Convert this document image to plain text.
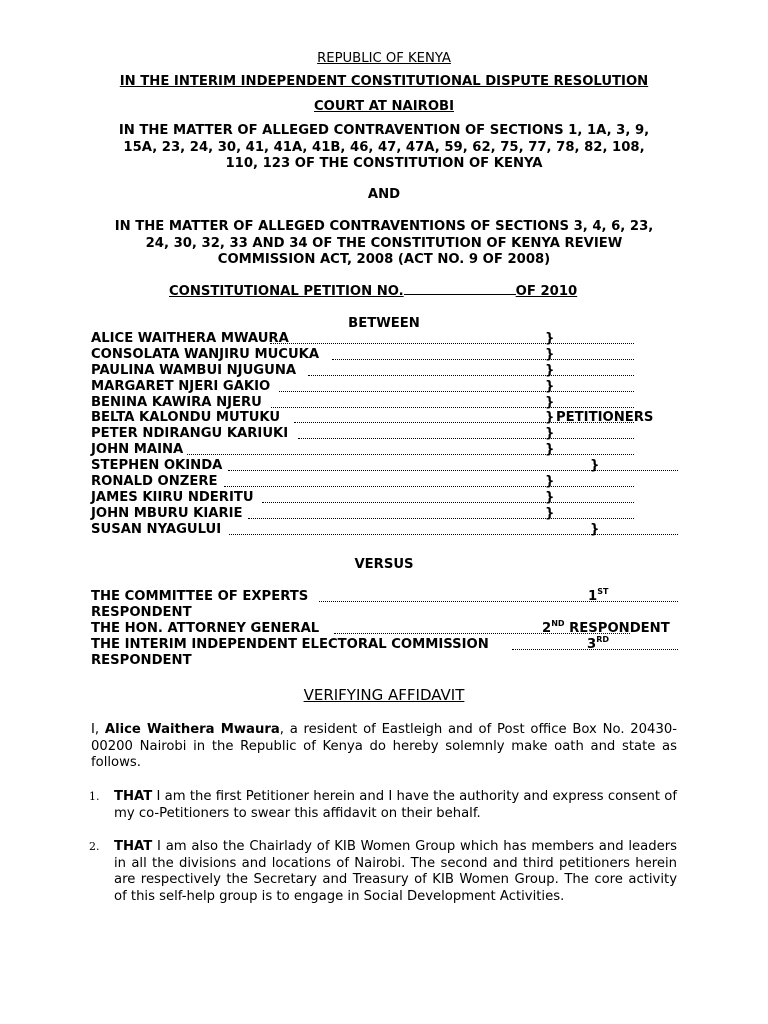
REPUBLIC OF KENYA
IN THE INTERIM INDEPENDENT CONSTITUTIONAL DISPUTE RESOLUTION
COURT AT NAIROBI
IN THE MATTER OF ALLEGED CONTRAVENTION OF SECTIONS 1, 1A, 3, 9,
15A, 23, 24, 30, 41, 41A, 41B, 46, 47, 47A, 59, 62, 75, 77, 78, 82, 108,
110, 123 OF THE CONSTITUTION OF KENYA
AND
IN THE MATTER OF ALLEGED CONTRAVENTIONS OF SECTIONS 3, 4, 6, 23,
24, 30, 32, 33 AND 34 OF THE CONSTITUTION OF KENYA REVIEW
COMMISSION ACT, 2008 (ACT NO. 9 OF 2008)
CONSTITUTIONAL PETITION NO.	OF 2010
BETWEEN
ALICE WAITHERA MWAURA	}
CONSOLATA WANJIRU MUCUKA	}
PAULINA WAMBUI NJUGUNA	}
MARGARET NJERI GAKIO	}
BENINA KAWIRA NJERU	}
BELTA KALONDU MUTUKU	} PETITIONERS
PETER NDIRANGU KARIUKI	}
JOHN MAINA	}
STEPHEN OKINDA	}
RONALD ONZERE	}
JAMES KIIRU NDERITU	}
JOHN MBURU KIARIE	}
SUSAN NYAGULUI	}
VERSUS
THE COMMITTEE OF EXPERTS	1ST
RESPONDENT
THE HON. ATTORNEY GENERAL	2ND RESPONDENT
THE INTERIM INDEPENDENT ELECTORAL COMMISSION	3RD
RESPONDENT
VERIFYING AFFIDAVIT
I, Alice Waithera Mwaura, a resident of Eastleigh and of Post office Box No. 20430-00200 Nairobi in the Republic of Kenya do hereby solemnly make oath and state as follows.
1. THAT I am the first Petitioner herein and I have the authority and express consent of my co-Petitioners to swear this affidavit on their behalf.
2. THAT I am also the Chairlady of KIB Women Group which has members and leaders in all the divisions and locations of Nairobi. The second and third petitioners herein are respectively the Secretary and Treasury of KIB Women Group. The core activity of this self-help group is to engage in Social Development Activities.
